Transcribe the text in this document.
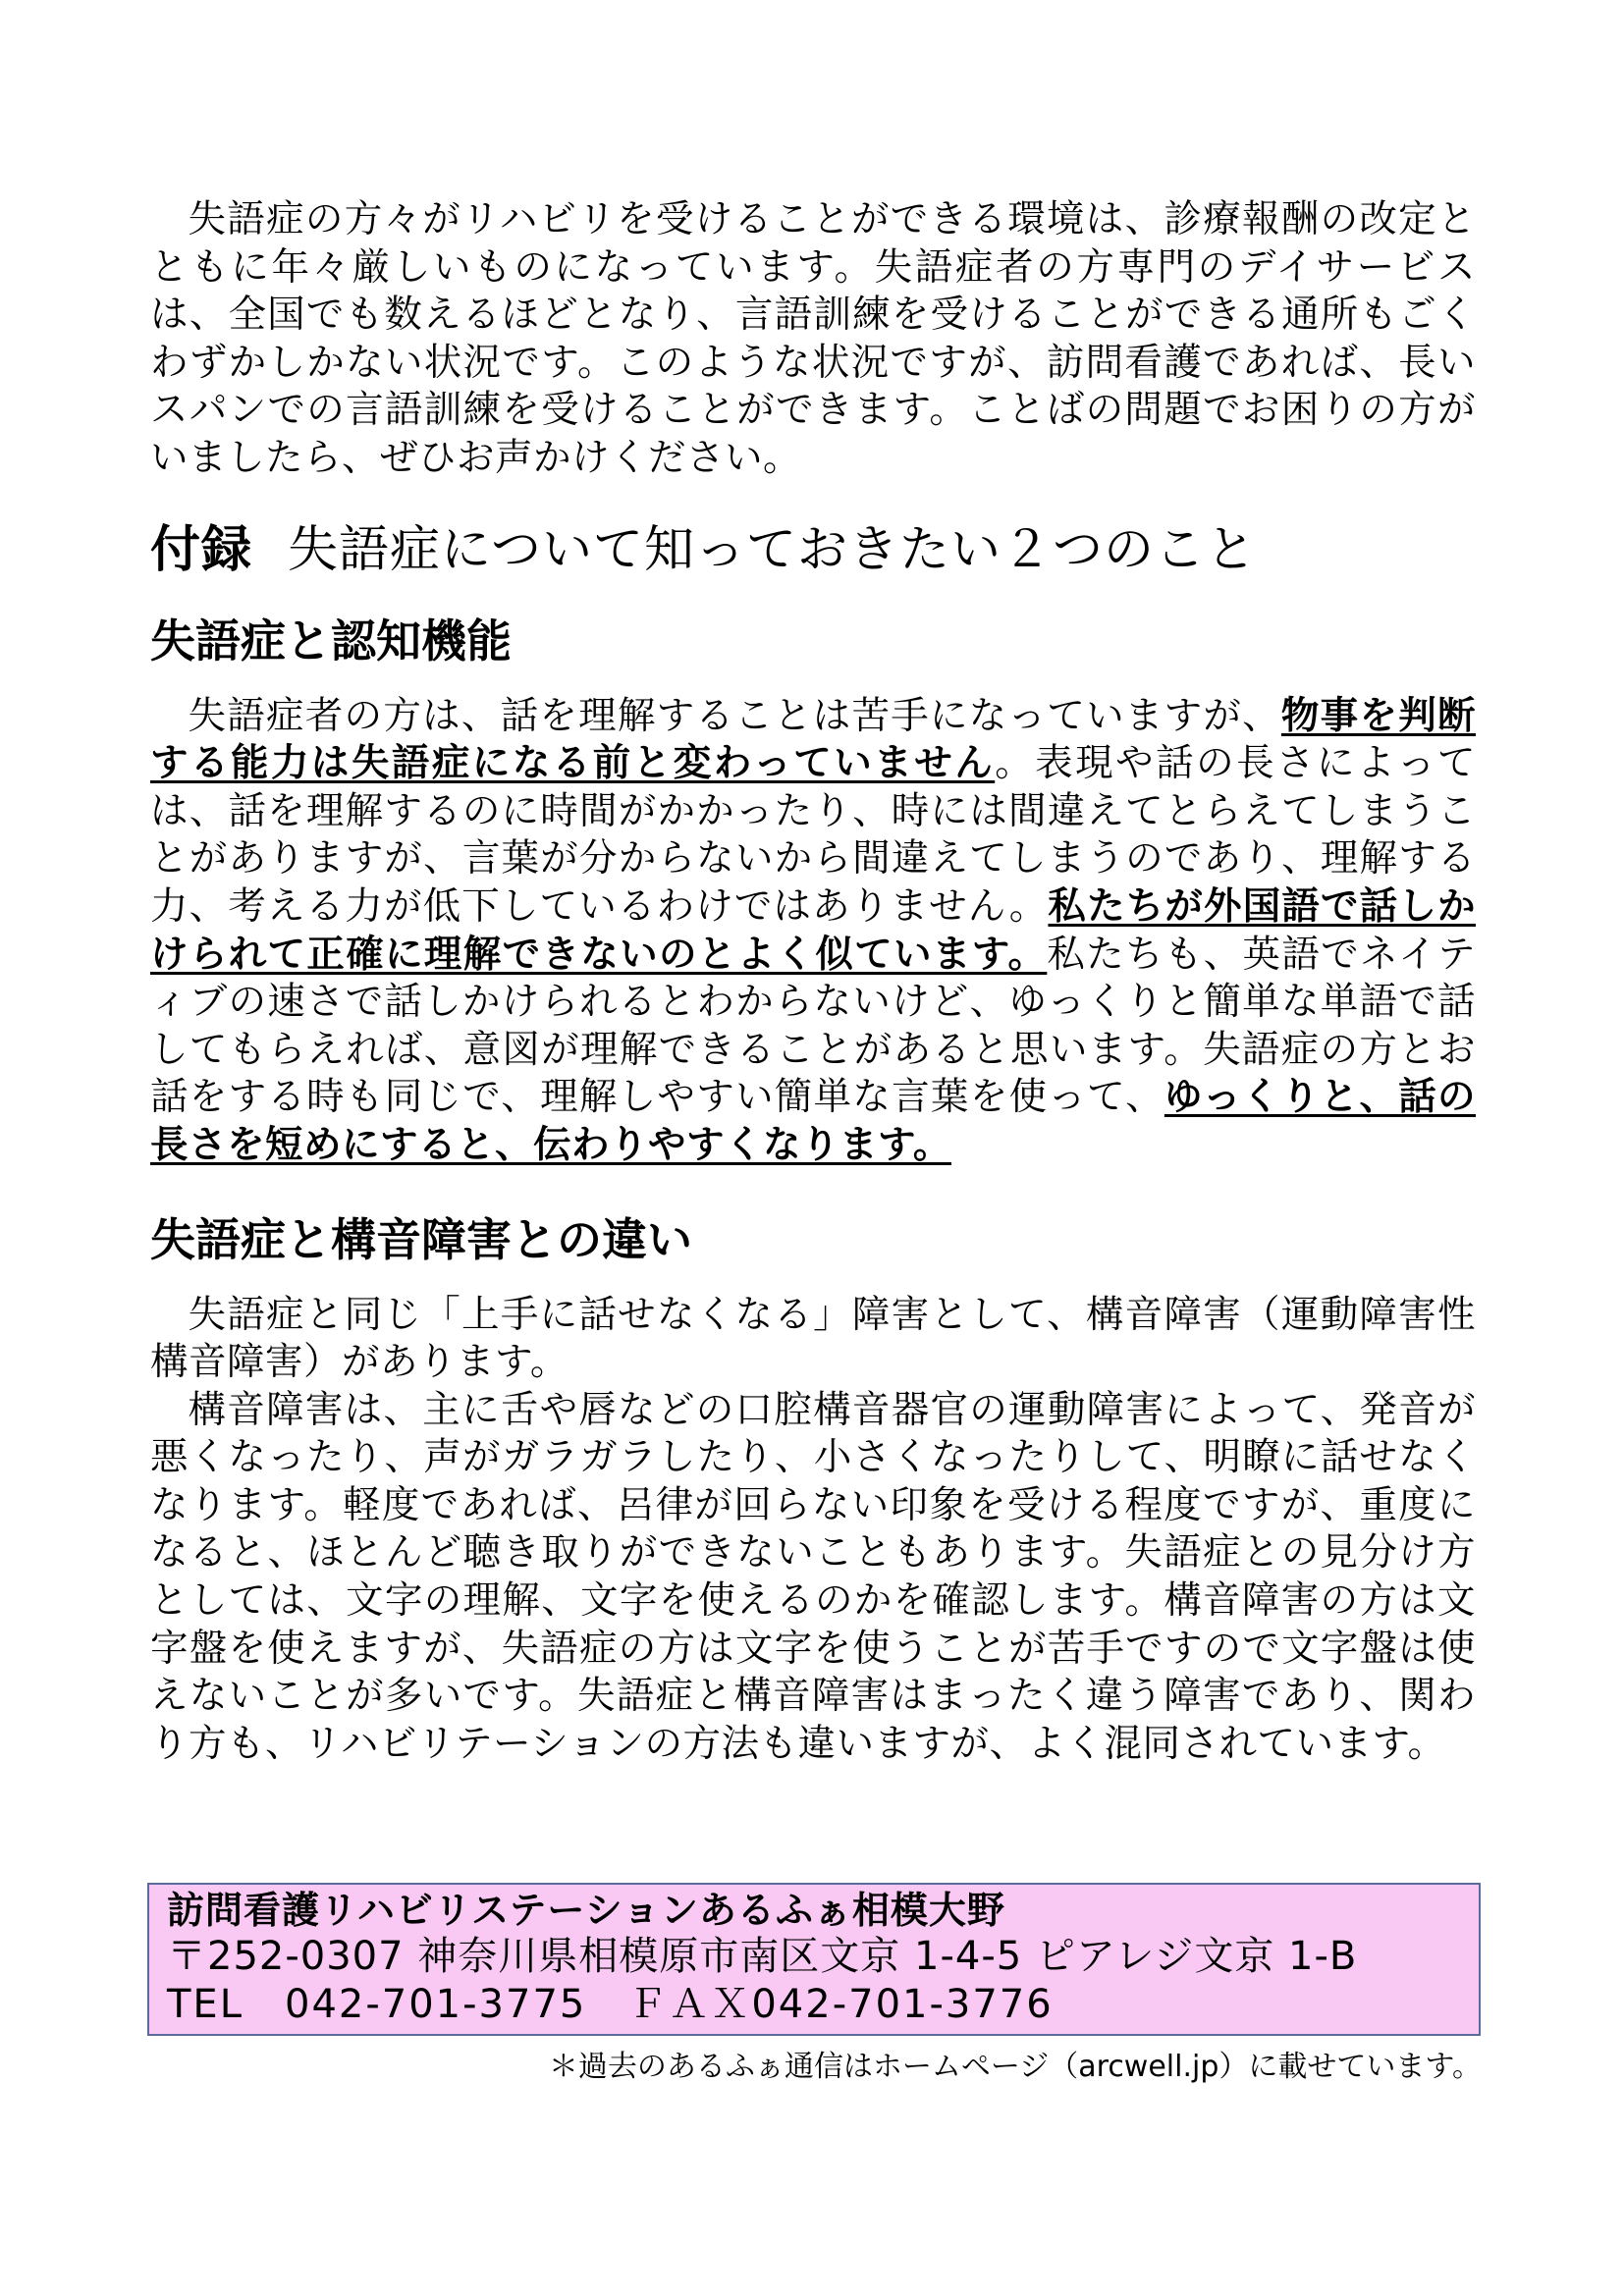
失語症の方々がリハビリを受けることができる環境は、診療報酬の改定とともに年々厳しいものになっています。失語症者の方専門のデイサービスは、全国でも数えるほどとなり、言語訓練を受けることができる通所もごくわずかしかない状況です。このような状況ですが、訪問看護であれば、長いスパンでの言語訓練を受けることができます。ことばの問題でお困りの方がいましたら、ぜひお声かけください。

付録 失語症について知っておきたい２つのこと
失語症と認知機能

失語症者の方は、話を理解することは苦手になっていますが、物事を判断する能力は失語症になる前と変わっていません。表現や話の長さによっては、話を理解するのに時間がかかったり、時には間違えてとらえてしまうことがありますが、言葉が分からないから間違えてしまうのであり、理解する力、考える力が低下しているわけではありません。私たちが外国語で話しかけられて正確に理解できないのとよく似ています。私たちも、英語でネイティブの速さで話しかけられるとわからないけど、ゆっくりと簡単な単語で話してもらえれば、意図が理解できることがあると思います。失語症の方とお話をする時も同じで、理解しやすい簡単な言葉を使って、ゆっくりと、話の長さを短めにすると、伝わりやすくなります。

失語症と構音障害との違い

失語症と同じ「上手に話せなくなる」障害として、構音障害（運動障害性構音障害）があります。

構音障害は、主に舌や唇などの口腔構音器官の運動障害によって、発音が悪くなったり、声がガラガラしたり、小さくなったりして、明瞭に話せなくなります。軽度であれば、呂律が回らない印象を受ける程度ですが、重度になると、ほとんど聴き取りができないこともあります。失語症との見分け方としては、文字の理解、文字を使えるのかを確認します。構音障害の方は文字盤を使えますが、失語症の方は文字を使うことが苦手ですので文字盤は使えないことが多いです。失語症と構音障害はまったく違う障害であり、関わり方も、リハビリテーションの方法も違いますが、よく混同されています。

訪問看護リハビリステーションあるふぁ相模大野
〒252-0307 神奈川県相模原市南区文京 1-4-5 ピアレジ文京 1-B
TEL　042-701-3775　ＦＡＸ042-701-3776
＊過去のあるふぁ通信はホームページ（arcwell.jp）に載せています。
